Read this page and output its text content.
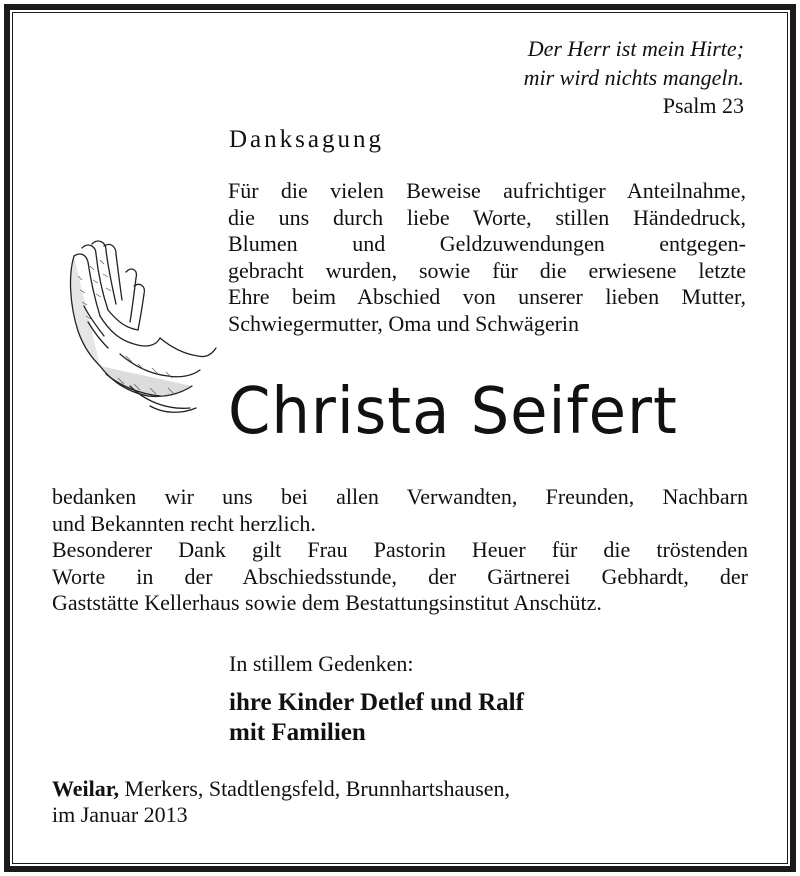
Der Herr ist mein Hirte;
mir wird nichts mangeln.
Psalm 23
Danksagung
Für die vielen Beweise aufrichtiger Anteilnahme,
die uns durch liebe Worte, stillen Händedruck,
Blumen und Geldzuwendungen entgegen-
gebracht wurden, sowie für die erwiesene letzte
Ehre beim Abschied von unserer lieben Mutter,
Schwiegermutter, Oma und Schwägerin
Christa Seifert
bedanken wir uns bei allen Verwandten, Freunden, Nachbarn
und Bekannten recht herzlich.
Besonderer Dank gilt Frau Pastorin Heuer für die tröstenden
Worte in der Abschiedsstunde, der Gärtnerei Gebhardt, der
Gaststätte Kellerhaus sowie dem Bestattungsinstitut Anschütz.
In stillem Gedenken:
ihre Kinder Detlef und Ralf
mit Familien
Weilar, Merkers, Stadtlengsfeld, Brunnhartshausen,
im Januar 2013
